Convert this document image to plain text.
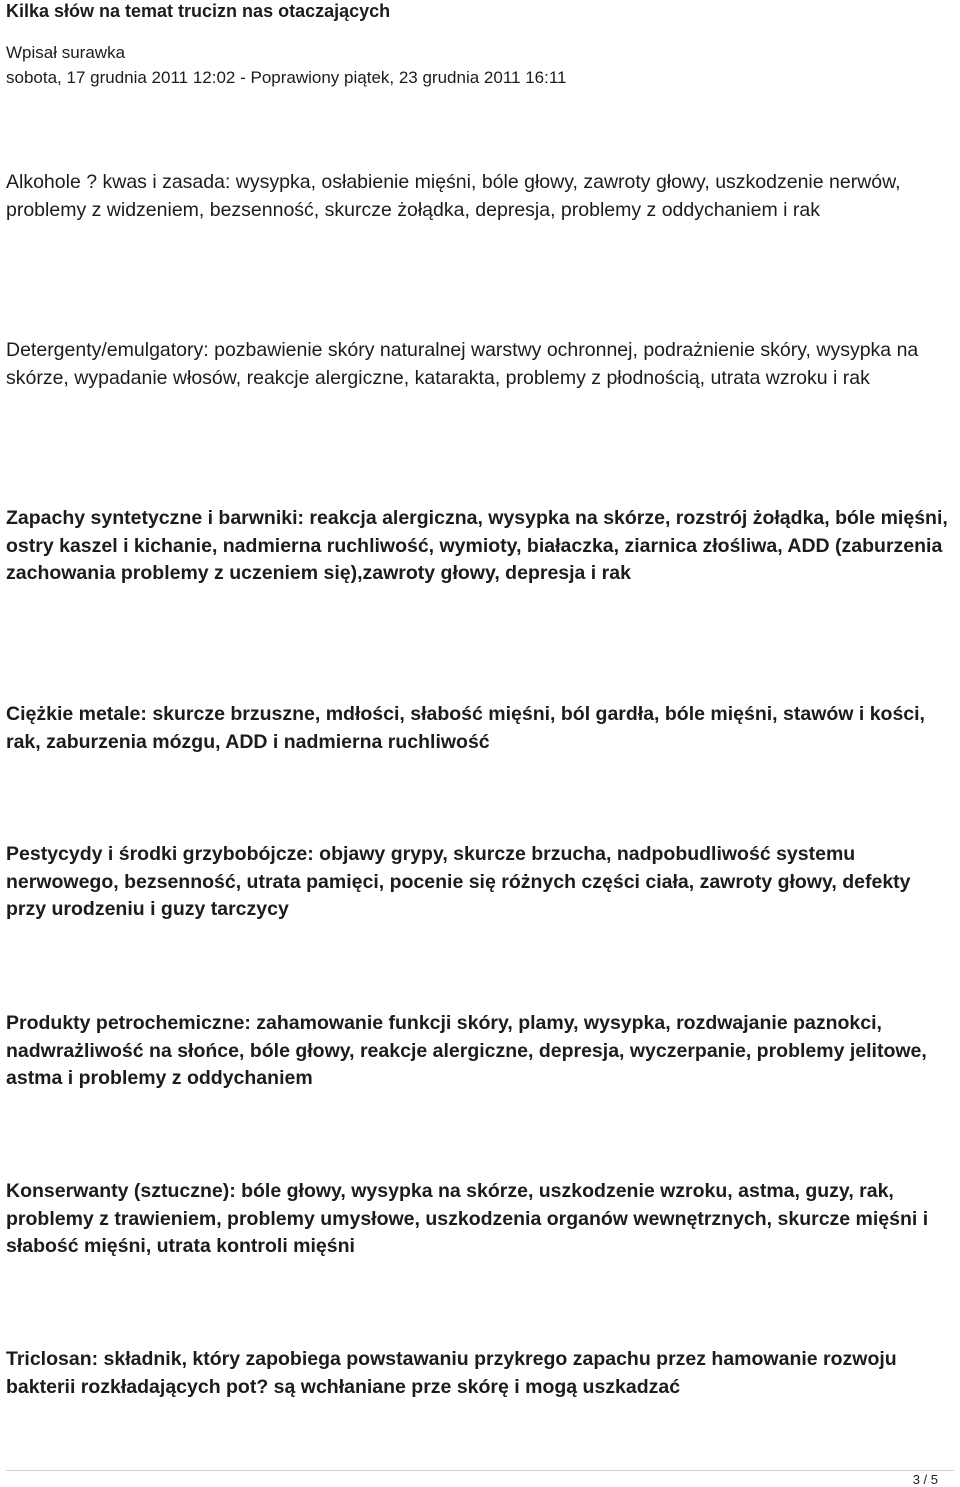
Kilka słów na temat trucizn nas otaczających
Wpisał surawka
sobota, 17 grudnia 2011 12:02 - Poprawiony piątek, 23 grudnia 2011 16:11

Alkohole ? kwas i zasada: wysypka, osłabienie mięśni, bóle głowy, zawroty głowy, uszkodzenie nerwów, problemy z widzeniem, bezsenność, skurcze żołądka, depresja, problemy z oddychaniem i rak

Detergenty/emulgatory: pozbawienie skóry naturalnej warstwy ochronnej, podrażnienie skóry, wysypka na skórze, wypadanie włosów, reakcje alergiczne, katarakta, problemy z płodnością, utrata wzroku i rak

Zapachy syntetyczne i barwniki: reakcja alergiczna, wysypka na skórze, rozstrój żołądka, bóle mięśni, ostry kaszel i kichanie, nadmierna ruchliwość, wymioty, białaczka, ziarnica złośliwa, ADD (zaburzenia zachowania problemy z uczeniem się),zawroty głowy, depresja i rak

Ciężkie metale: skurcze brzuszne, mdłości, słabość mięśni, ból gardła, bóle mięśni, stawów i kości, rak, zaburzenia mózgu, ADD i nadmierna ruchliwość

Pestycydy i środki grzybobójcze: objawy grypy, skurcze brzucha, nadpobudliwość systemu nerwowego, bezsenność, utrata pamięci, pocenie się różnych części ciała, zawroty głowy, defekty przy urodzeniu i guzy tarczycy

Produkty petrochemiczne: zahamowanie funkcji skóry, plamy, wysypka, rozdwajanie paznokci, nadwrażliwość na słońce, bóle głowy, reakcje alergiczne, depresja, wyczerpanie, problemy jelitowe, astma i problemy z oddychaniem

Konserwanty (sztuczne): bóle głowy, wysypka na skórze, uszkodzenie wzroku, astma, guzy, rak, problemy z trawieniem, problemy umysłowe, uszkodzenia organów wewnętrznych, skurcze mięśni i słabość mięśni, utrata kontroli mięśni

Triclosan: składnik, który zapobiega powstawaniu przykrego zapachu przez hamowanie rozwoju bakterii rozkładających pot? są wchłaniane prze skórę i mogą uszkadzać

3 / 5
